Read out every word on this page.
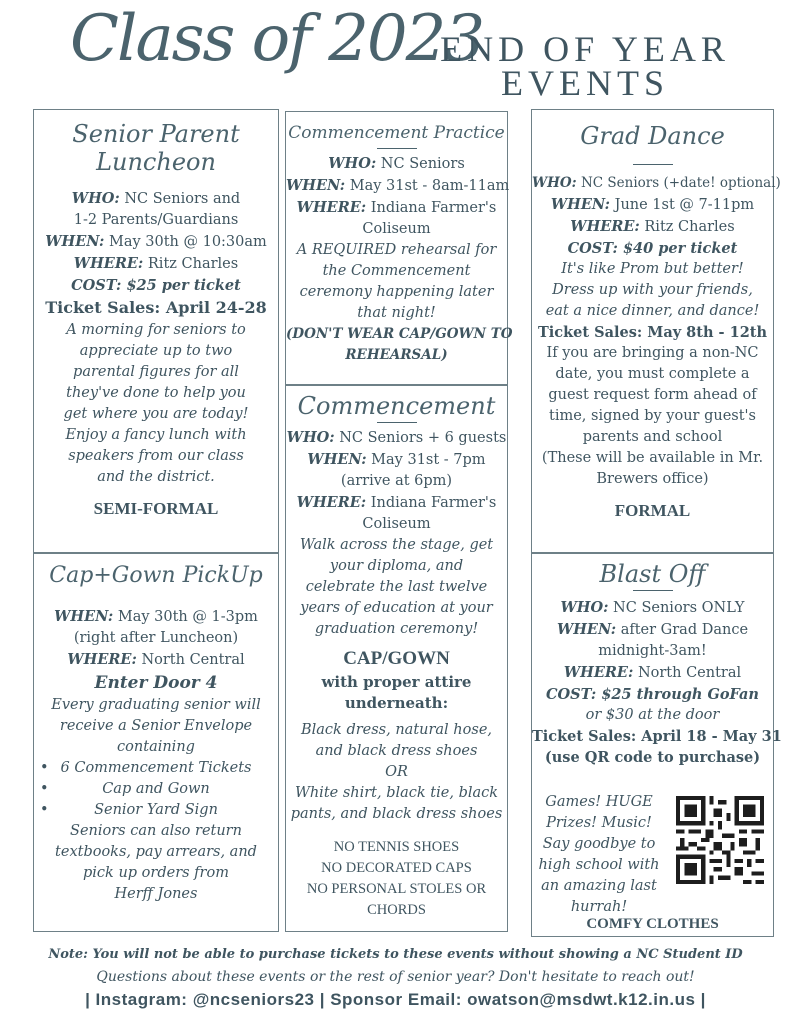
Class of 2023
END OF YEAR
EVENTS
Senior Parent
Luncheon
WHO: NC Seniors and
1-2 Parents/Guardians
WHEN: May 30th @ 10:30am
WHERE: Ritz Charles
COST: $25 per ticket
Ticket Sales: April 24-28
A morning for seniors to
appreciate up to two
parental figures for all
they've done to help you
get where you are today!
Enjoy a fancy lunch with
speakers from our class
and the district.
SEMI-FORMAL
Cap+Gown PickUp
WHEN: May 30th @ 1-3pm
(right after Luncheon)
WHERE: North Central
Enter Door 4
Every graduating senior will
receive a Senior Envelope
containing
• 6 Commencement Tickets
• Cap and Gown
• Senior Yard Sign
Seniors can also return
textbooks, pay arrears, and
pick up orders from
Herff Jones
Commencement Practice
WHO: NC Seniors
WHEN: May 31st - 8am-11am
WHERE: Indiana Farmer's
Coliseum
A REQUIRED rehearsal for
the Commencement
ceremony happening later
that night!
(DON'T WEAR CAP/GOWN TO
REHEARSAL)
Commencement
WHO: NC Seniors + 6 guests
WHEN: May 31st - 7pm
(arrive at 6pm)
WHERE: Indiana Farmer's
Coliseum
Walk across the stage, get
your diploma, and
celebrate the last twelve
years of education at your
graduation ceremony!
CAP/GOWN
with proper attire
underneath:
Black dress, natural hose,
and black dress shoes
OR
White shirt, black tie, black
pants, and black dress shoes
NO TENNIS SHOES
NO DECORATED CAPS
NO PERSONAL STOLES OR
CHORDS
Grad Dance
WHO: NC Seniors (+date! optional)
WHEN: June 1st @ 7-11pm
WHERE: Ritz Charles
COST: $40 per ticket
It's like Prom but better!
Dress up with your friends,
eat a nice dinner, and dance!
Ticket Sales: May 8th - 12th
If you are bringing a non-NC
date, you must complete a
guest request form ahead of
time, signed by your guest's
parents and school
(These will be available in Mr.
Brewers office)
FORMAL
Blast Off
WHO: NC Seniors ONLY
WHEN: after Grad Dance
midnight-3am!
WHERE: North Central
COST: $25 through GoFan
or $30 at the door
Ticket Sales: April 18 - May 31
(use QR code to purchase)
Games! HUGE
Prizes! Music!
Say goodbye to
high school with
an amazing last
hurrah!
COMFY CLOTHES
Note: You will not be able to purchase tickets to these events without showing a NC Student ID
Questions about these events or the rest of senior year? Don't hesitate to reach out!
| Instagram: @ncseniors23 | Sponsor Email: owatson@msdwt.k12.in.us |
